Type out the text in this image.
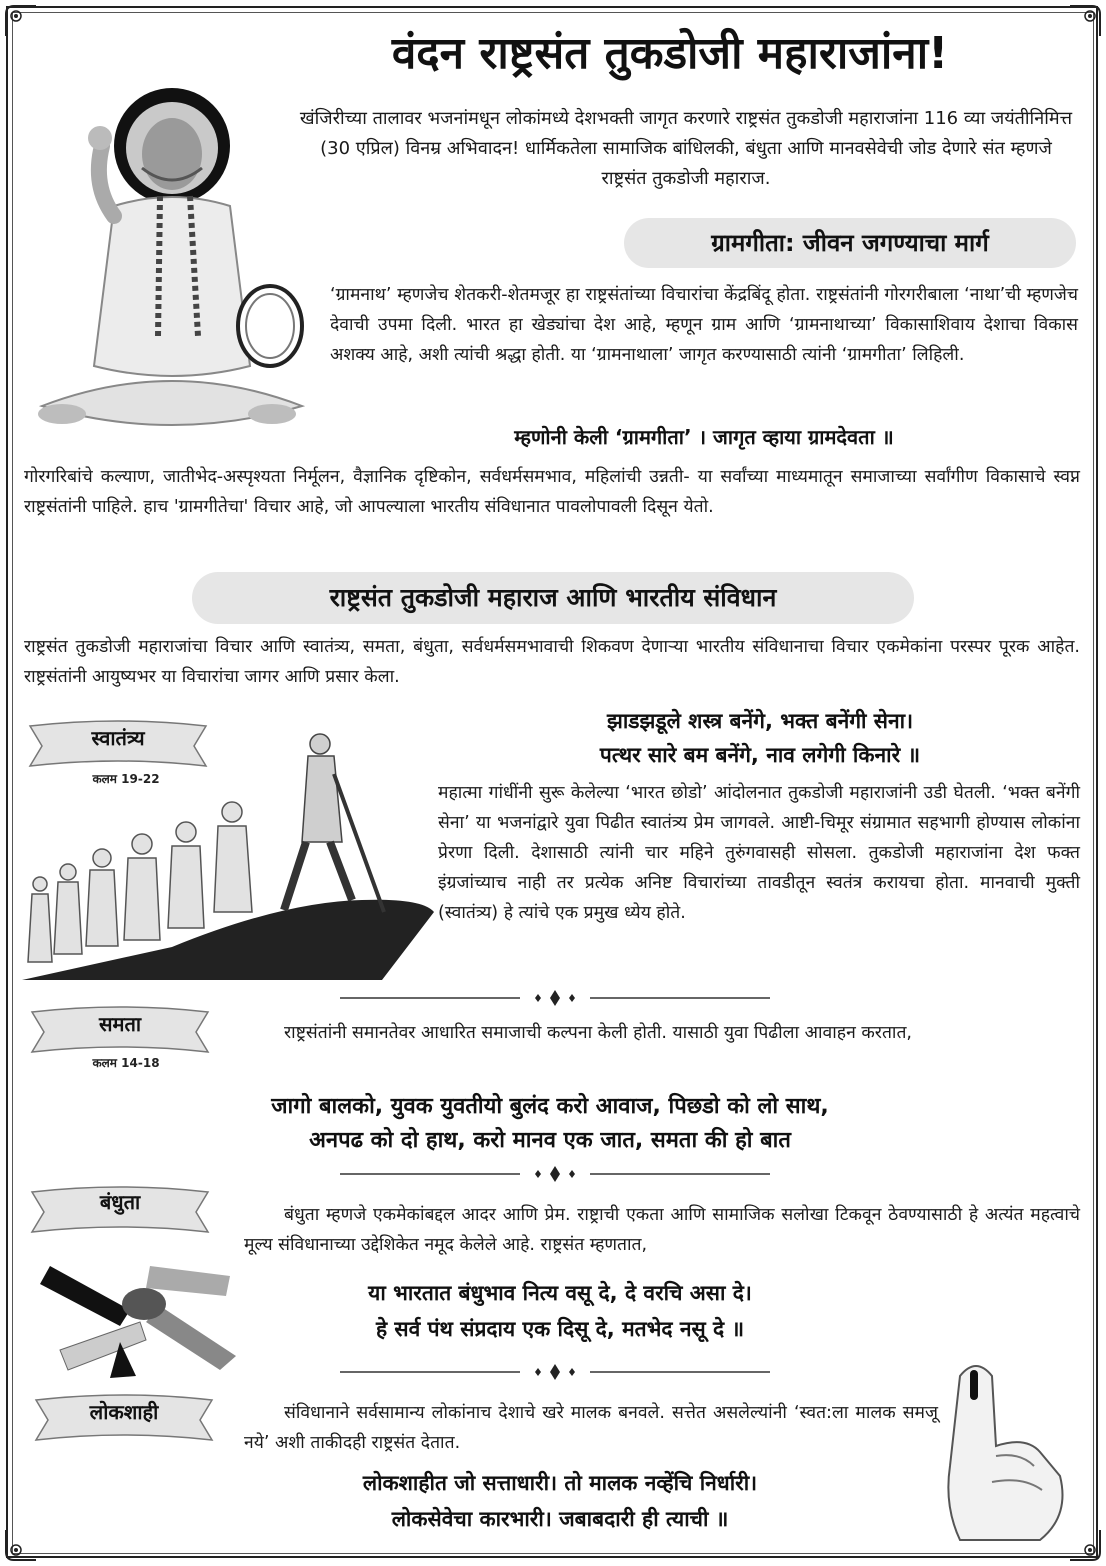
वंदन राष्ट्रसंत तुकडोजी महाराजांना!
खंजिरीच्या तालावर भजनांमधून लोकांमध्ये देशभक्ती जागृत करणारे राष्ट्रसंत तुकडोजी महाराजांना 116 व्या जयंतीनिमित्त (30 एप्रिल) विनम्र अभिवादन! धार्मिकतेला सामाजिक बांधिलकी, बंधुता आणि मानवसेवेची जोड देणारे संत म्हणजे राष्ट्रसंत तुकडोजी महाराज.
ग्रामगीता: जीवन जगण्याचा मार्ग
‘ग्रामनाथ’ म्हणजेच शेतकरी-शेतमजूर हा राष्ट्रसंतांच्या विचारांचा केंद्रबिंदू होता. राष्ट्रसंतांनी गोरगरीबाला ‘नाथा’ची म्हणजेच देवाची उपमा दिली. भारत हा खेड्यांचा देश आहे, म्हणून ग्राम आणि ‘ग्रामनाथाच्या’ विकासाशिवाय देशाचा विकास अशक्य आहे, अशी त्यांची श्रद्धा होती. या ‘ग्रामनाथाला’ जागृत करण्यासाठी त्यांनी ‘ग्रामगीता’ लिहिली.
म्हणोनी केली ‘ग्रामगीता’ । जागृत व्हाया ग्रामदेवता ॥
गोरगरिबांचे कल्याण, जातीभेद-अस्पृश्यता निर्मूलन, वैज्ञानिक दृष्टिकोन, सर्वधर्मसमभाव, महिलांची उन्नती- या सर्वांच्या माध्यमातून समाजाच्या सर्वांगीण विकासाचे स्वप्न राष्ट्रसंतांनी पाहिले. हाच 'ग्रामगीतेचा' विचार आहे, जो आपल्याला भारतीय संविधानात पावलोपावली दिसून येतो.
राष्ट्रसंत तुकडोजी महाराज आणि भारतीय संविधान
राष्ट्रसंत तुकडोजी महाराजांचा विचार आणि स्वातंत्र्य, समता, बंधुता, सर्वधर्मसमभावाची शिकवण देणाऱ्या भारतीय संविधानाचा विचार एकमेकांना परस्पर पूरक आहेत. राष्ट्रसंतांनी आयुष्यभर या विचारांचा जागर आणि प्रसार केला.
स्वातंत्र्य
कलम 19-22
झाडझडूले शस्त्र बनेंगे, भक्त बनेंगी सेना।
पत्थर सारे बम बनेंगे, नाव लगेगी किनारे ॥
महात्मा गांधींनी सुरू केलेल्या ‘भारत छोडो’ आंदोलनात तुकडोजी महाराजांनी उडी घेतली. ‘भक्त बनेंगी सेना’ या भजनांद्वारे युवा पिढीत स्वातंत्र्य प्रेम जागवले. आष्टी-चिमूर संग्रामात सहभागी होण्यास लोकांना प्रेरणा दिली. देशासाठी त्यांनी चार महिने तुरुंगवासही सोसला. तुकडोजी महाराजांना देश फक्त इंग्रजांच्याच नाही तर प्रत्येक अनिष्ट विचारांच्या तावडीतून स्वतंत्र करायचा होता. मानवाची मुक्ती (स्वातंत्र्य) हे त्यांचे एक प्रमुख ध्येय होते.
समता
कलम 14-18
राष्ट्रसंतांनी समानतेवर आधारित समाजाची कल्पना केली होती. यासाठी युवा पिढीला आवाहन करतात,
जागो बालको, युवक युवतीयो बुलंद करो आवाज, पिछडो को लो साथ,
अनपढ को दो हाथ, करो मानव एक जात, समता की हो बात
बंधुता
बंधुता म्हणजे एकमेकांबद्दल आदर आणि प्रेम. राष्ट्राची एकता आणि सामाजिक सलोखा टिकवून ठेवण्यासाठी हे अत्यंत महत्वाचे मूल्य संविधानाच्या उद्देशिकेत नमूद केलेले आहे. राष्ट्रसंत म्हणतात,
या भारतात बंधुभाव नित्य वसू दे, दे वरचि असा दे।
हे सर्व पंथ संप्रदाय एक दिसू दे, मतभेद नसू दे ॥
लोकशाही	संविधानाने सर्वसामान्य लोकांनाच देशाचे खरे मालक बनवले. सत्तेत असलेल्यांनी ‘स्वत:ला मालक समजू नये’ अशी ताकीदही राष्ट्रसंत देतात.
लोकशाहीत जो सत्ताधारी। तो मालक नव्हेंचि निर्धारी।
लोकसेवेचा कारभारी। जबाबदारी ही त्याची ॥
